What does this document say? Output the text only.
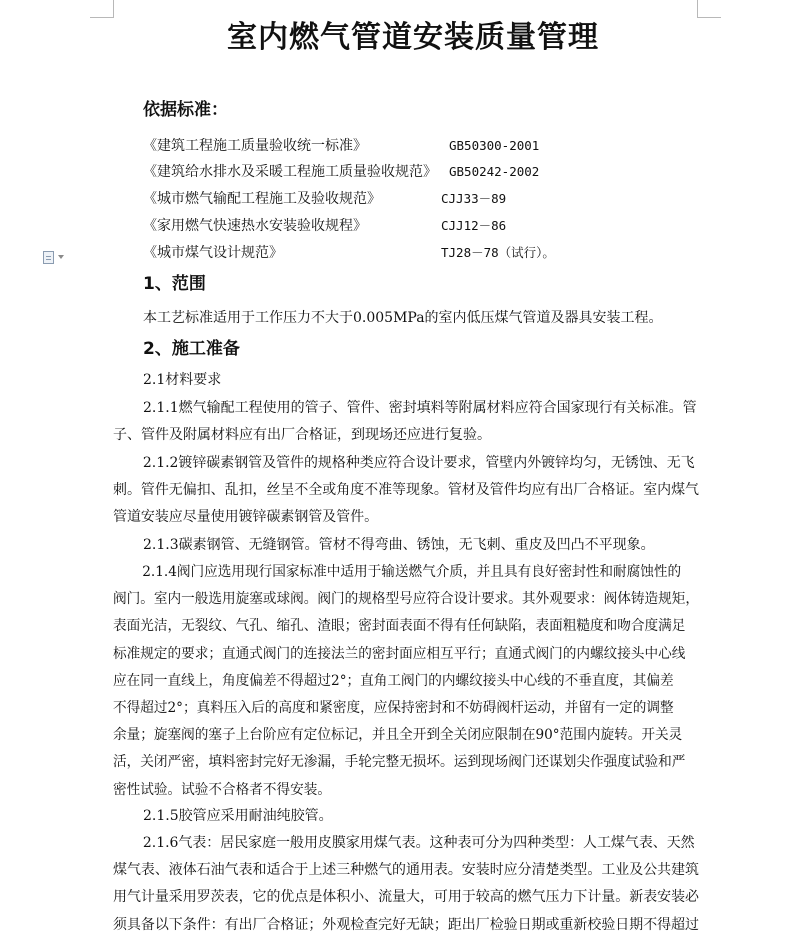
室内燃气管道安装质量管理
依据标准：
《建筑工程施工质量验收统一标准》	GB50300-2001
《建筑给水排水及采暖工程施工质量验收规范》 GB50242-2002
《城市燃气输配工程施工及验收规范》	CJJ33－89
《家用燃气快速热水安装验收规程》	CJJ12－86
《城市煤气设计规范》	TJ28－78（试行）。
1、范围
本工艺标准适用于工作压力不大于0.005MPa的室内低压煤气管道及器具安装工程。
2、施工准备
2.1材料要求
2.1.1燃气输配工程使用的管子、管件、密封填料等附属材料应符合国家现行有关标准。管
子、管件及附属材料应有出厂合格证，到现场还应进行复验。
2.1.2镀锌碳素钢管及管件的规格种类应符合设计要求，管壁内外镀锌均匀，无锈蚀、无飞
刺。管件无偏扣、乱扣，丝呈不全或角度不准等现象。管材及管件均应有出厂合格证。室内煤气
管道安装应尽量使用镀锌碳素钢管及管件。
2.1.3碳素钢管、无缝钢管。管材不得弯曲、锈蚀，无飞刺、重皮及凹凸不平现象。
2.1.4阀门应选用现行国家标准中适用于输送燃气介质，并且具有良好密封性和耐腐蚀性的
阀门。室内一般选用旋塞或球阀。阀门的规格型号应符合设计要求。其外观要求：阀体铸造规矩，
表面光洁，无裂纹、气孔、缩孔、渣眼；密封面表面不得有任何缺陷，表面粗糙度和吻合度满足
标准规定的要求；直通式阀门的连接法兰的密封面应相互平行；直通式阀门的内螺纹接头中心线
应在同一直线上，角度偏差不得超过2°；直角工阀门的内螺纹接头中心线的不垂直度，其偏差
不得超过2°；真料压入后的高度和紧密度，应保持密封和不妨碍阀杆运动，并留有一定的调整
余量；旋塞阀的塞子上台阶应有定位标记，并且全开到全关闭应限制在90°范围内旋转。开关灵
活，关闭严密，填料密封完好无渗漏，手轮完整无损坏。运到现场阀门还谋划尖作强度试验和严
密性试验。试验不合格者不得安装。
2.1.5胶管应采用耐油纯胶管。
2.1.6气表：居民家庭一般用皮膜家用煤气表。这种表可分为四种类型：人工煤气表、天然
煤气表、液体石油气表和适合于上述三种燃气的通用表。安装时应分清楚类型。工业及公共建筑
用气计量采用罗茨表，它的优点是体积小、流量大，可用于较高的燃气压力下计量。新表安装必
须具备以下条件：有出厂合格证；外观检查完好无缺；距出厂检验日期或重新校验日期不得超过
